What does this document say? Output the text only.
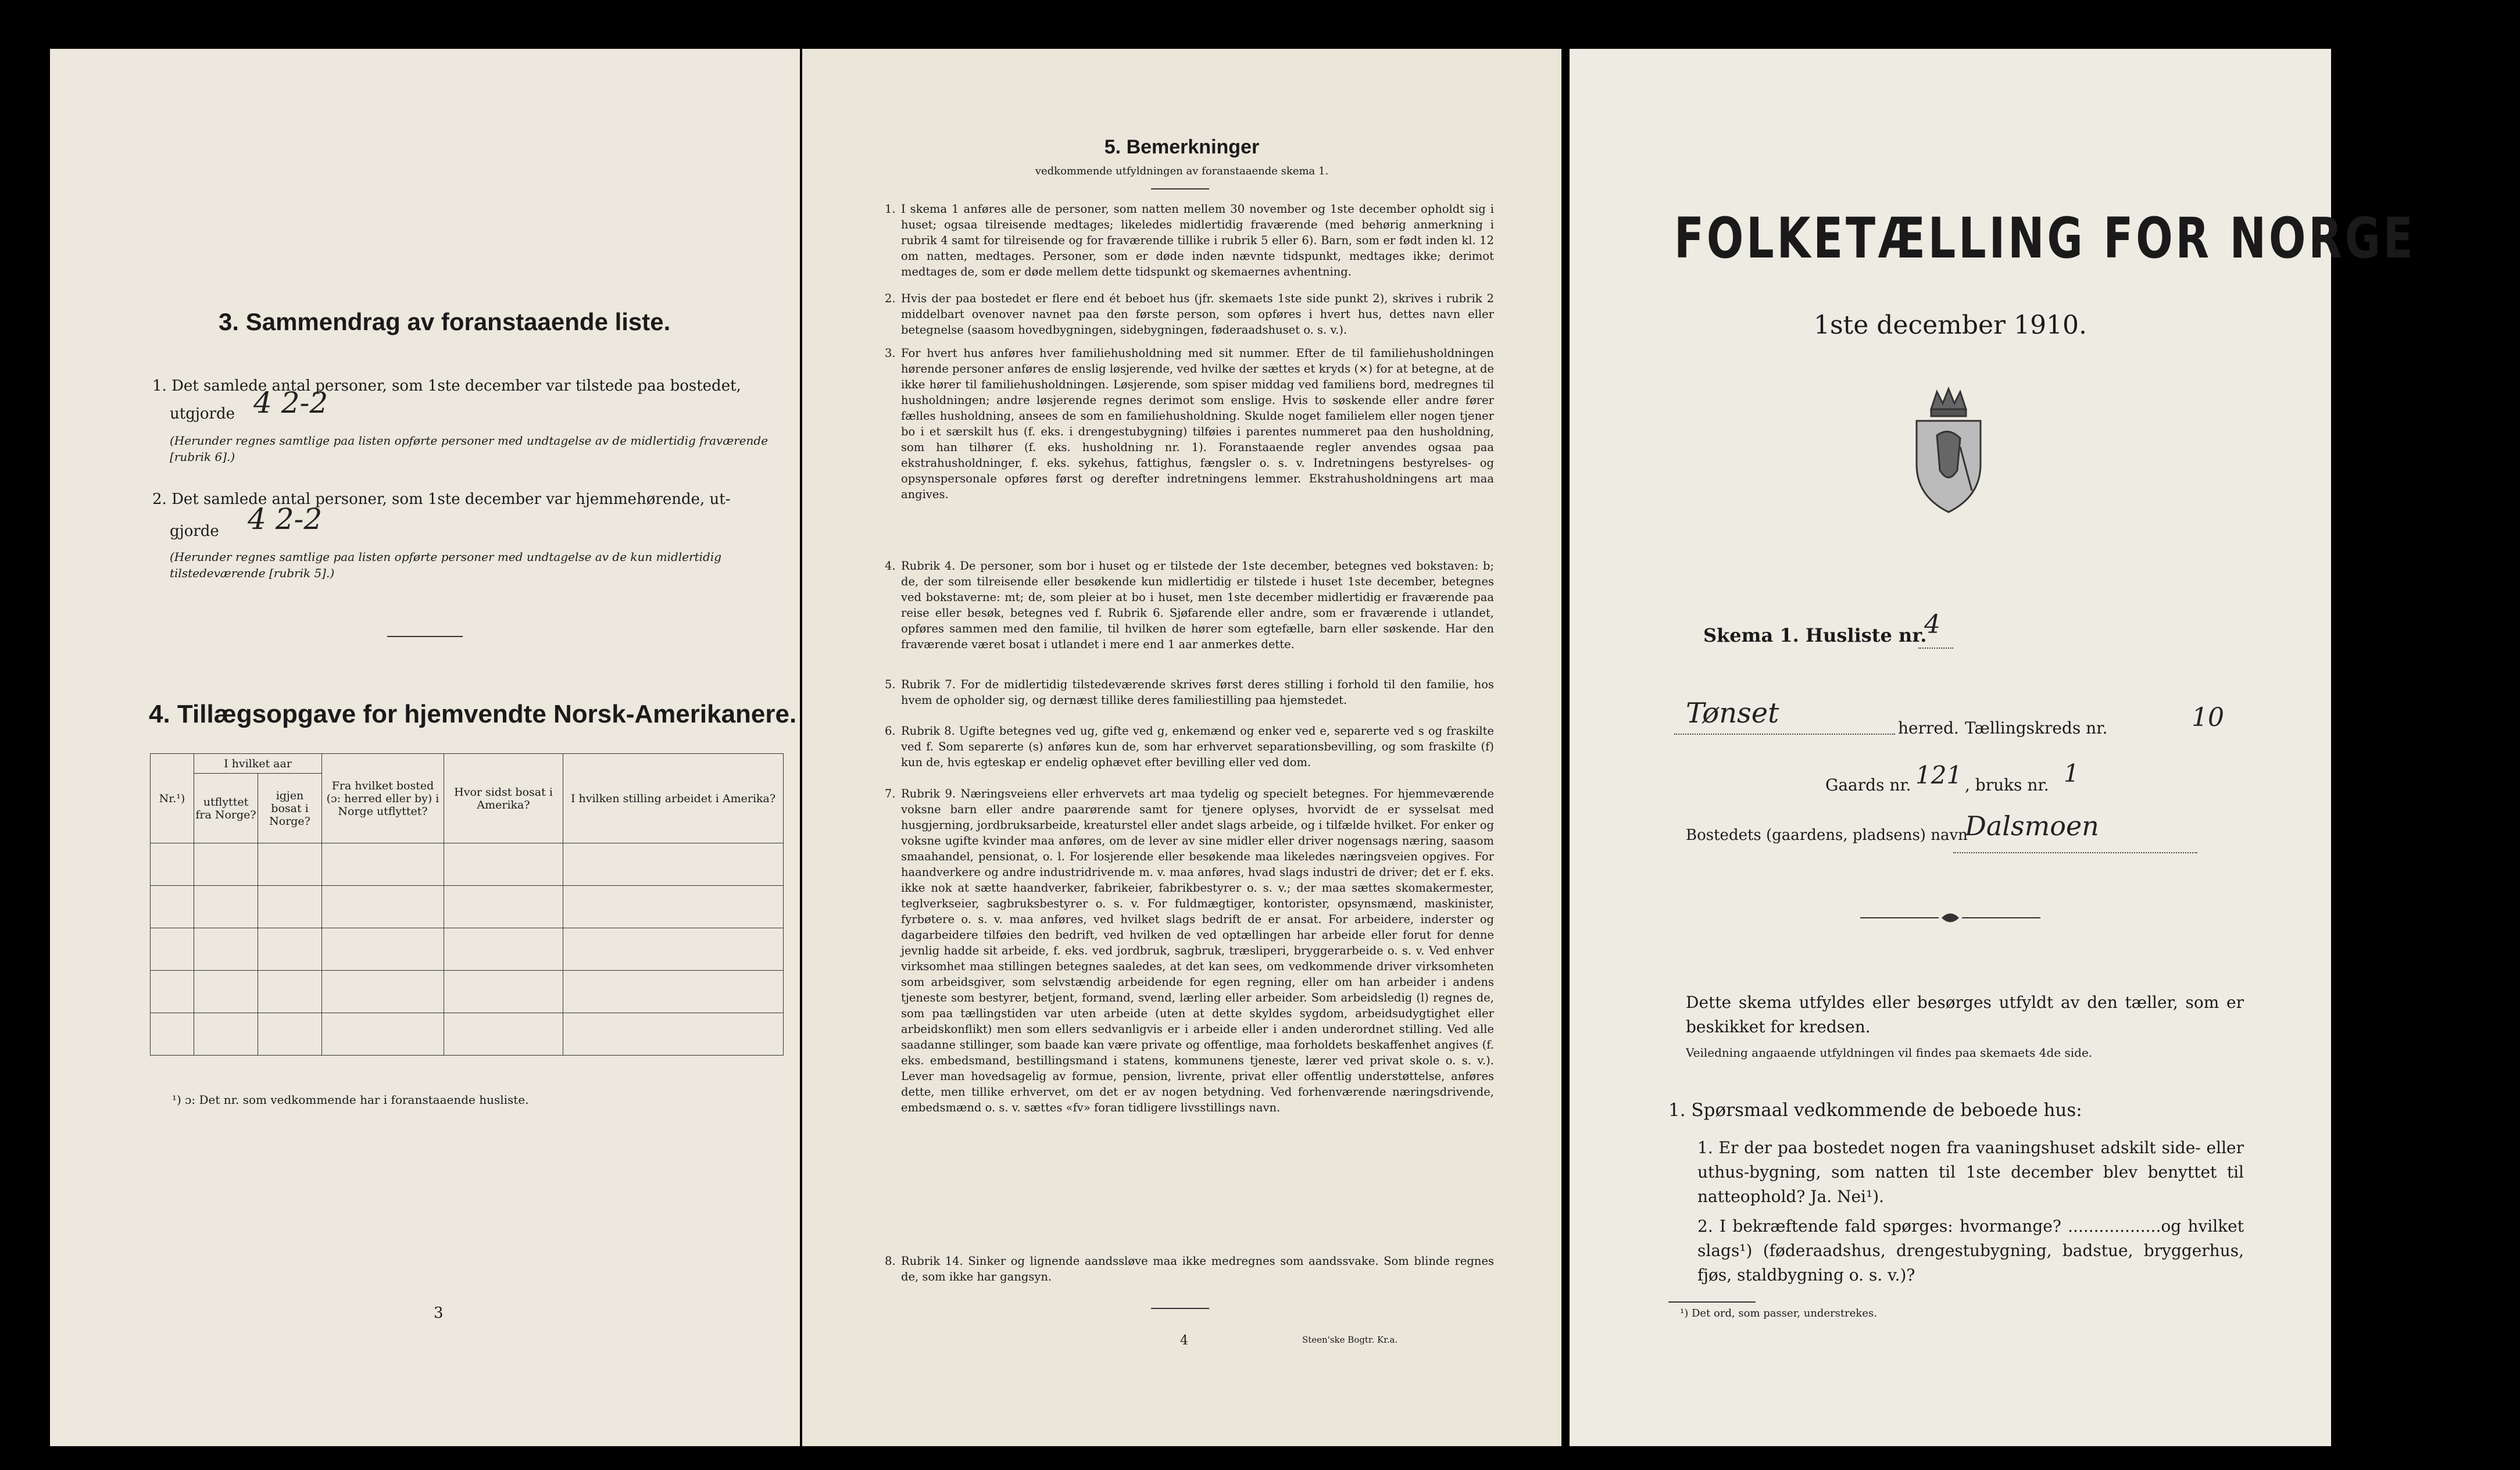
3. Sammendrag av foranstaaende liste.
1. Det samlede antal personer, som 1ste december var tilstede paa bostedet,
utgjorde 4 2-2
(Herunder regnes samtlige paa listen opførte personer med undtagelse av de midlertidig fraværende [rubrik 6].)
2. Det samlede antal personer, som 1ste december var hjemmehørende, ut-
gjorde 4 2-2
(Herunder regnes samtlige paa listen opførte personer med undtagelse av de kun midlertidig tilstedeværende [rubrik 5].)
4. Tillægsopgave for hjemvendte Norsk-Amerikanere.
Nr.¹)	I hvilket aar		Fra hvilket bosted (ɔ: herred eller by) i Norge utflyttet?	Hvor sidst bosat i Amerika?	I hvilken stilling arbeidet i Amerika?
	utflyttet fra Norge?	igjen bosat i Norge?			

¹) ɔ: Det nr. som vedkommende har i foranstaaende husliste.
3
5. Bemerkninger
vedkommende utfyldningen av foranstaaende skema 1.
1. I skema 1 anføres alle de personer, som natten mellem 30 november og 1ste december opholdt sig i huset; ogsaa tilreisende medtages; likeledes midlertidig fraværende (med behørig anmerkning i rubrik 4 samt for tilreisende og for fraværende tillike i rubrik 5 eller 6). Barn, som er født inden kl. 12 om natten, medtages. Personer, som er døde inden nævnte tidspunkt, medtages ikke; derimot medtages de, som er døde mellem dette tidspunkt og skemaernes avhentning.
2. Hvis der paa bostedet er flere end ét beboet hus (jfr. skemaets 1ste side punkt 2), skrives i rubrik 2 middelbart ovenover navnet paa den første person, som opføres i hvert hus, dettes navn eller betegnelse (saasom hovedbygningen, sidebygningen, føderaadshuset o. s. v.).
3. For hvert hus anføres hver familiehusholdning med sit nummer. Efter de til familiehusholdningen hørende personer anføres de enslig løsjerende, ved hvilke der sættes et kryds (×) for at betegne, at de ikke hører til familiehusholdningen. Løsjerende, som spiser middag ved familiens bord, medregnes til husholdningen; andre løsjerende regnes derimot som enslige. Hvis to søskende eller andre fører fælles husholdning, ansees de som en familiehusholdning. Skulde noget familielem eller nogen tjener bo i et særskilt hus (f. eks. i drengestubygning) tilføies i parentes nummeret paa den husholdning, som han tilhører (f. eks. husholdning nr. 1). Foranstaaende regler anvendes ogsaa paa ekstrahusholdninger, f. eks. sykehus, fattighus, fængsler o. s. v. Indretningens bestyrelses- og opsynspersonale opføres først og derefter indretningens lemmer. Ekstrahusholdningens art maa angives.
4. Rubrik 4. De personer, som bor i huset og er tilstede der 1ste december, betegnes ved bokstaven: b; de, der som tilreisende eller besøkende kun midlertidig er tilstede i huset 1ste december, betegnes ved bokstaverne: mt; de, som pleier at bo i huset, men 1ste december midlertidig er fraværende paa reise eller besøk, betegnes ved f. Rubrik 6. Sjøfarende eller andre, som er fraværende i utlandet, opføres sammen med den familie, til hvilken de hører som egtefælle, barn eller søskende. Har den fraværende været bosat i utlandet i mere end 1 aar anmerkes dette.
5. Rubrik 7. For de midlertidig tilstedeværende skrives først deres stilling i forhold til den familie, hos hvem de opholder sig, og dernæst tillike deres familiestilling paa hjemstedet.
6. Rubrik 8. Ugifte betegnes ved ug, gifte ved g, enkemænd og enker ved e, separerte ved s og fraskilte ved f. Som separerte (s) anføres kun de, som har erhvervet separationsbevilling, og som fraskilte (f) kun de, hvis egteskap er endelig ophævet efter bevilling eller ved dom.
7. Rubrik 9. Næringsveiens eller erhvervets art maa tydelig og specielt betegnes. For hjemmeværende voksne barn eller andre paarørende samt for tjenere oplyses, hvorvidt de er sysselsat med husgjerning, jordbruksarbeide, kreaturstel eller andet slags arbeide, og i tilfælde hvilket. For enker og voksne ugifte kvinder maa anføres, om de lever av sine midler eller driver nogensags næring, saasom smaahandel, pensionat, o. l. For losjerende eller besøkende maa likeledes næringsveien opgives. For haandverkere og andre industridrivende m. v. maa anføres, hvad slags industri de driver; det er f. eks. ikke nok at sætte haandverker, fabrikeier, fabrikbestyrer o. s. v.; der maa sættes skomakermester, teglverkseier, sagbruksbestyrer o. s. v. For fuldmægtiger, kontorister, opsynsmænd, maskinister, fyrbøtere o. s. v. maa anføres, ved hvilket slags bedrift de er ansat. For arbeidere, inderster og dagarbeidere tilføies den bedrift, ved hvilken de ved optællingen har arbeide eller forut for denne jevnlig hadde sit arbeide, f. eks. ved jordbruk, sagbruk, træsliperi, bryggerarbeide o. s. v. Ved enhver virksomhet maa stillingen betegnes saaledes, at det kan sees, om vedkommende driver virksomheten som arbeidsgiver, som selvstændig arbeidende for egen regning, eller om han arbeider i andens tjeneste som bestyrer, betjent, formand, svend, lærling eller arbeider. Som arbeidsledig (l) regnes de, som paa tællingstiden var uten arbeide (uten at dette skyldes sygdom, arbeidsudygtighet eller arbeidskonflikt) men som ellers sedvanligvis er i arbeide eller i anden underordnet stilling. Ved alle saadanne stillinger, som baade kan være private og offentlige, maa forholdets beskaffenhet angives (f. eks. embedsmand, bestillingsmand i statens, kommunens tjeneste, lærer ved privat skole o. s. v.). Lever man hovedsagelig av formue, pension, livrente, privat eller offentlig understøttelse, anføres dette, men tillike erhvervet, om det er av nogen betydning. Ved forhenværende næringsdrivende, embedsmænd o. s. v. sættes «fv» foran tidligere livsstillings navn.
8. Rubrik 14. Sinker og lignende aandssløve maa ikke medregnes som aandssvake. Som blinde regnes de, som ikke har gangsyn.
4	Steen'ske Bogtr. Kr.a.
FOLKETÆLLING FOR NORGE
1ste december 1910.
Skema 1. Husliste nr.
4
Tønset	herred. Tællingskreds nr.	10
Gaards nr. 121 , bruks nr. 1
Bostedets (gaardens, pladsens) navn
Dalsmoen
Dette skema utfyldes eller besørges utfyldt av den tæller, som er beskikket for kredsen.
Veiledning angaaende utfyldningen vil findes paa skemaets 4de side.
1. Spørsmaal vedkommende de beboede hus:
1. Er der paa bostedet nogen fra vaaningshuset adskilt side- eller uthus-bygning, som natten til 1ste december blev benyttet til natteophold? Ja. Nei¹).
2. I bekræftende fald spørges: hvormange? ..................og hvilket slags¹) (føderaadshus, drengestubygning, badstue, bryggerhus, fjøs, staldbygning o. s. v.)?
¹) Det ord, som passer, understrekes.
